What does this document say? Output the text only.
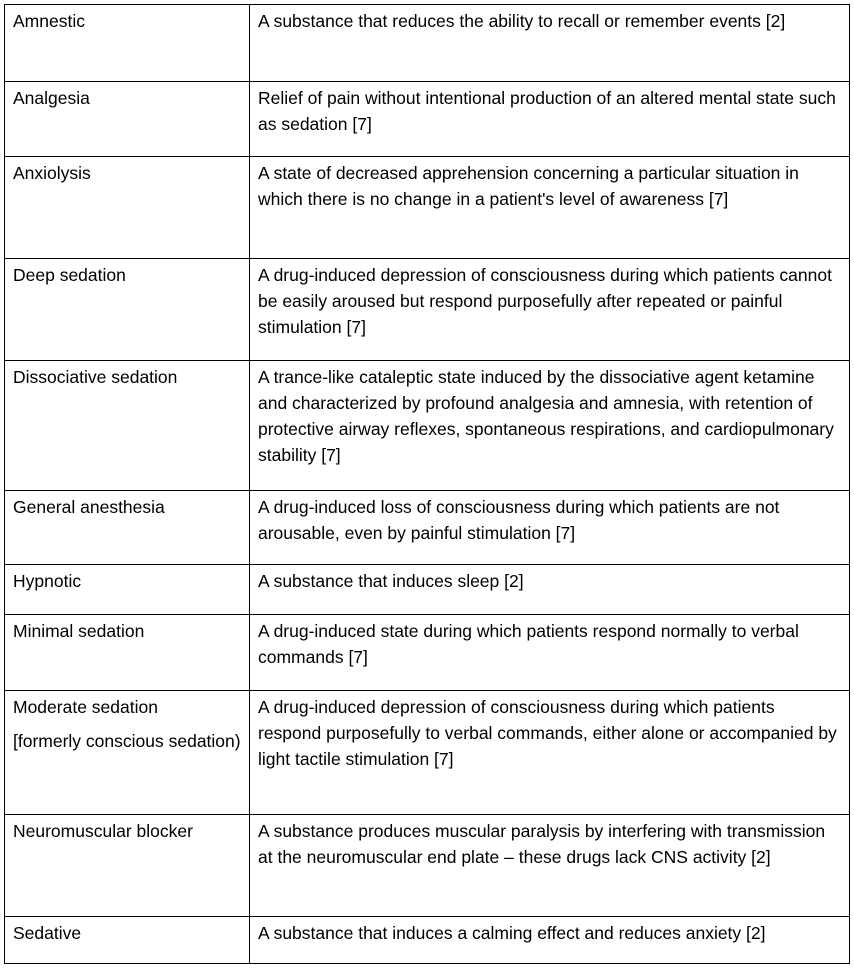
Amnestic	A substance that reduces the ability to recall or remember events [2]
Analgesia	Relief of pain without intentional production of an altered mental state such as sedation [7]
Anxiolysis	A state of decreased apprehension concerning a particular situation in which there is no change in a patient's level of awareness [7]
Deep sedation	A drug-induced depression of consciousness during which patients cannot be easily aroused but respond purposefully after repeated or painful stimulation [7]
Dissociative sedation	A trance-like cataleptic state induced by the dissociative agent ketamine and characterized by profound analgesia and amnesia, with retention of protective airway reflexes, spontaneous respirations, and cardiopulmonary stability [7]
General anesthesia	A drug-induced loss of consciousness during which patients are not arousable, even by painful stimulation [7]
Hypnotic	A substance that induces sleep [2]
Minimal sedation	A drug-induced state during which patients respond normally to verbal commands [7]
Moderate sedation
[formerly conscious sedation)	A drug-induced depression of consciousness during which patients respond purposefully to verbal commands, either alone or accompanied by light tactile stimulation [7]
Neuromuscular blocker	A substance produces muscular paralysis by interfering with transmission at the neuromuscular end plate – these drugs lack CNS activity [2]
Sedative	A substance that induces a calming effect and reduces anxiety [2]
